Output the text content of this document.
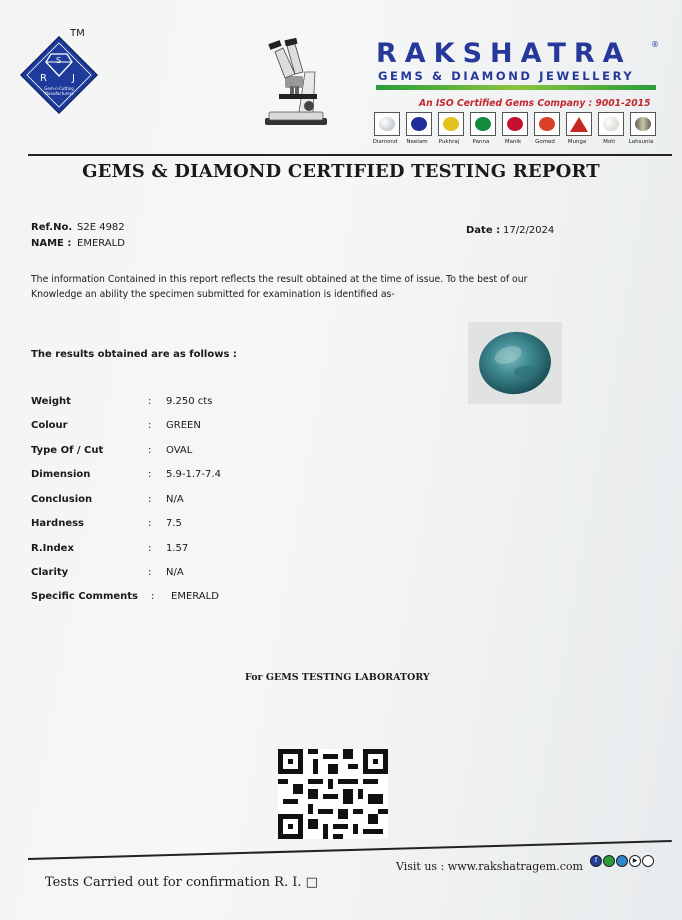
TM
S
R	J
Gem-n-Cutting
Manufacturers
RAKSHATRA ®
GEMS & DIAMOND JEWELLERY
An ISO Certified Gems Company : 9001-2015
Diamond	Neelam	Pukhraj	Panna	Manik	Gomed	Munga	Moti	Lahsunia
GEMS & DIAMOND CERTIFIED TESTING REPORT
Ref.No. S2E 4982
NAME : EMERALD
Date : 17/2/2024
The information Contained in this report reflects the result obtained at the time of issue. To the best of our
Knowledge an ability the specimen submitted for examination is identified as-
The results obtained are as follows :
Weight	: 9.250 cts
Colour	: GREEN
Type Of / Cut	: OVAL
Dimension	: 5.9-1.7-7.4
Conclusion	: N/A
Hardness	: 7.5
R.Index	: 1.57
Clarity	: N/A
Specific Comments : EMERALD
For GEMS TESTING LABORATORY
Tests Carried out for confirmation R. I. □
Visit us : www.rakshatragem.com	f	▶
